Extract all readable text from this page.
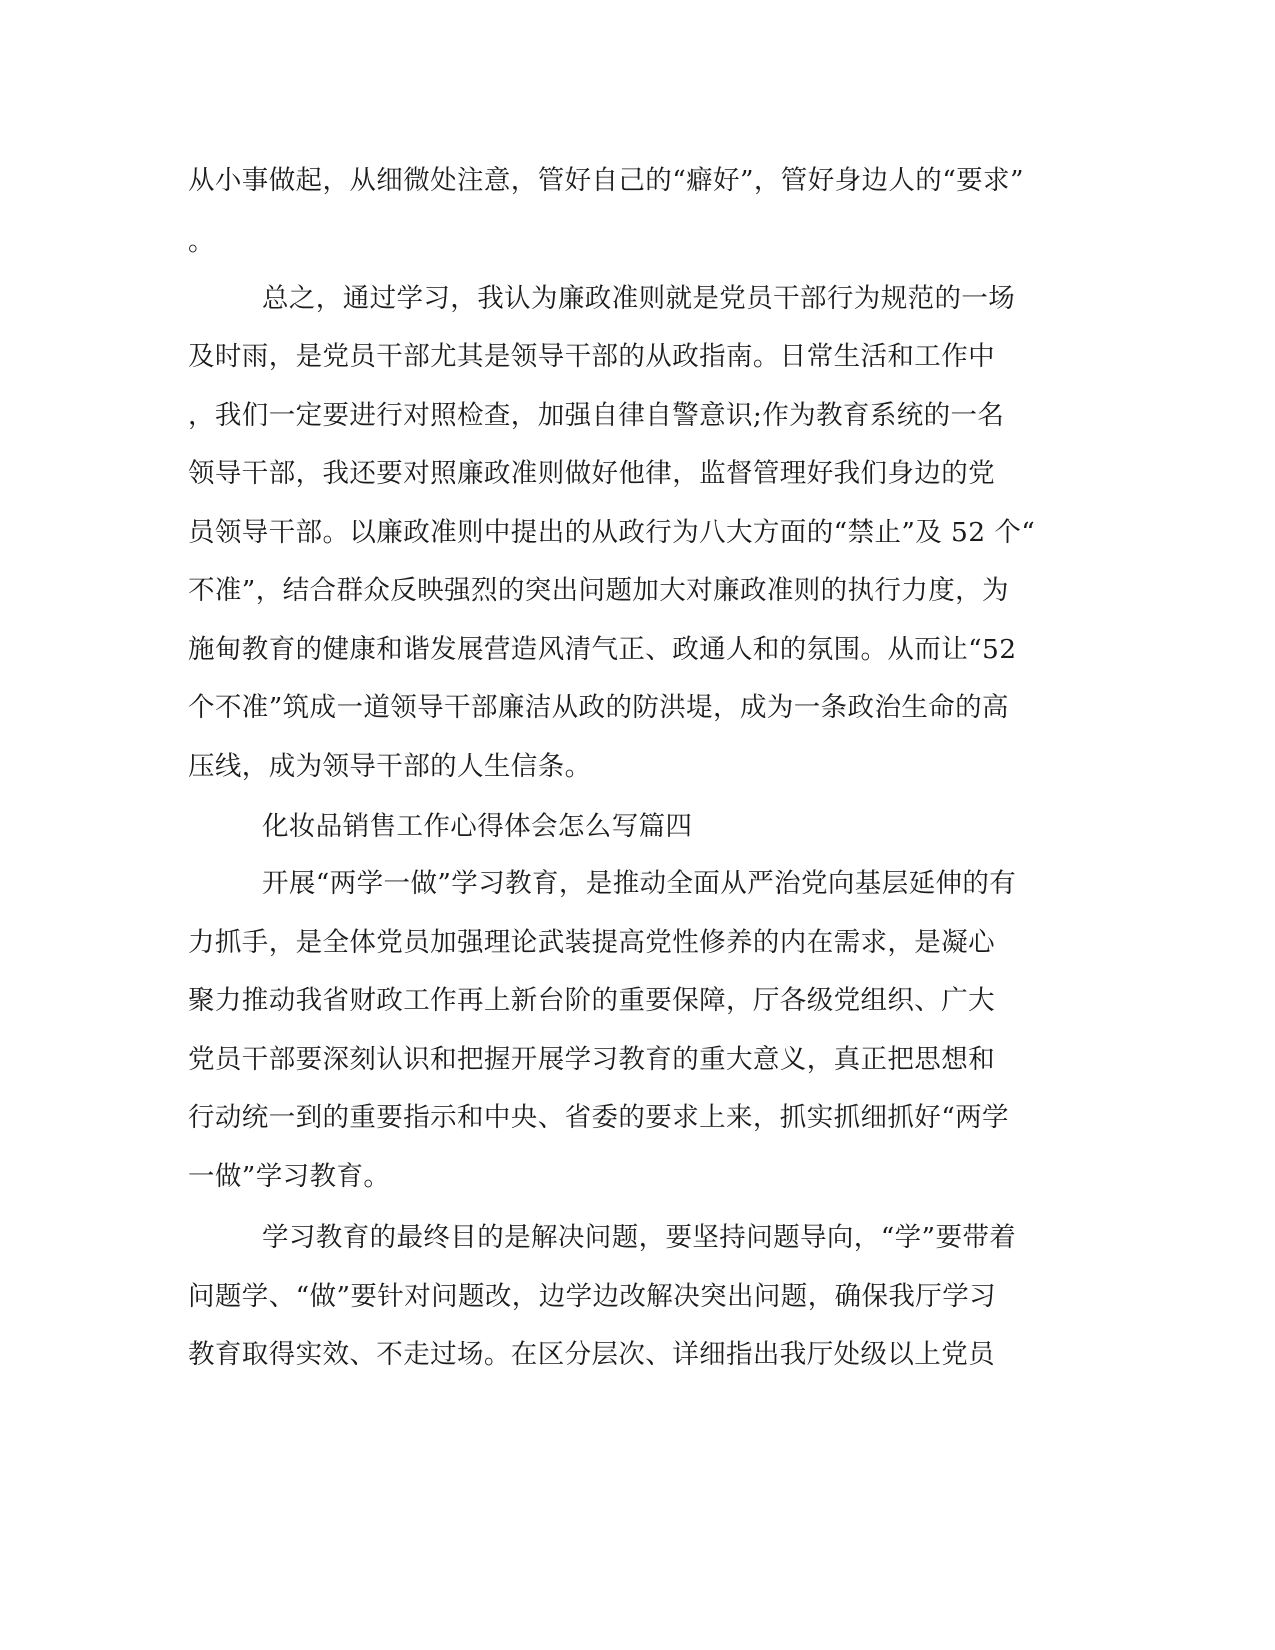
从小事做起，从细微处注意，管好自己的“癖好”，管好身边人的“要求”

。

总之，通过学习，我认为廉政准则就是党员干部行为规范的一场

及时雨，是党员干部尤其是领导干部的从政指南。日常生活和工作中

，我们一定要进行对照检查，加强自律自警意识;作为教育系统的一名

领导干部，我还要对照廉政准则做好他律，监督管理好我们身边的党

员领导干部。以廉政准则中提出的从政行为八大方面的“禁止”及 52 个“

不准”，结合群众反映强烈的突出问题加大对廉政准则的执行力度，为

施甸教育的健康和谐发展营造风清气正、政通人和的氛围。从而让“52

个不准”筑成一道领导干部廉洁从政的防洪堤，成为一条政治生命的高

压线，成为领导干部的人生信条。

化妆品销售工作心得体会怎么写篇四

开展“两学一做”学习教育，是推动全面从严治党向基层延伸的有

力抓手，是全体党员加强理论武装提高党性修养的内在需求，是凝心

聚力推动我省财政工作再上新台阶的重要保障，厅各级党组织、广大

党员干部要深刻认识和把握开展学习教育的重大意义，真正把思想和

行动统一到的重要指示和中央、省委的要求上来，抓实抓细抓好“两学

一做”学习教育。

学习教育的最终目的是解决问题，要坚持问题导向，“学”要带着

问题学、“做”要针对问题改，边学边改解决突出问题，确保我厅学习

教育取得实效、不走过场。在区分层次、详细指出我厅处级以上党员
